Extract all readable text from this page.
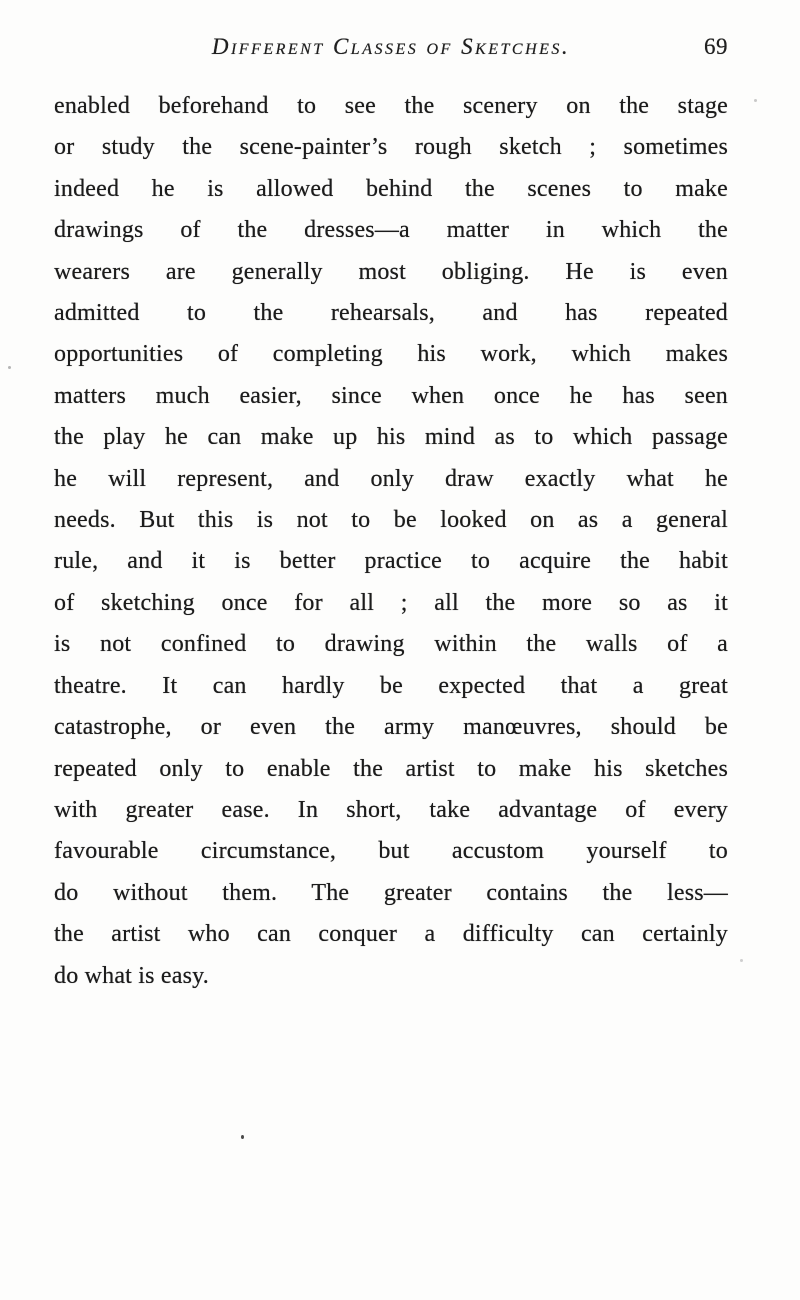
Different Classes of Sketches.	69
enabled beforehand to see the scenery on the stage
or study the scene-painter’s rough sketch ; sometimes
indeed he is allowed behind the scenes to make
drawings of the dresses—a matter in which the
wearers are generally most obliging. He is even
admitted to the rehearsals, and has repeated
opportunities of completing his work, which makes
matters much easier, since when once he has seen
the play he can make up his mind as to which passage
he will represent, and only draw exactly what he
needs. But this is not to be looked on as a general
rule, and it is better practice to acquire the habit
of sketching once for all ; all the more so as it
is not confined to drawing within the walls of a
theatre. It can hardly be expected that a great
catastrophe, or even the army manœuvres, should be
repeated only to enable the artist to make his sketches
with greater ease. In short, take advantage of every
favourable circumstance, but accustom yourself to
do without them. The greater contains the less—
the artist who can conquer a difficulty can certainly
do what is easy.
